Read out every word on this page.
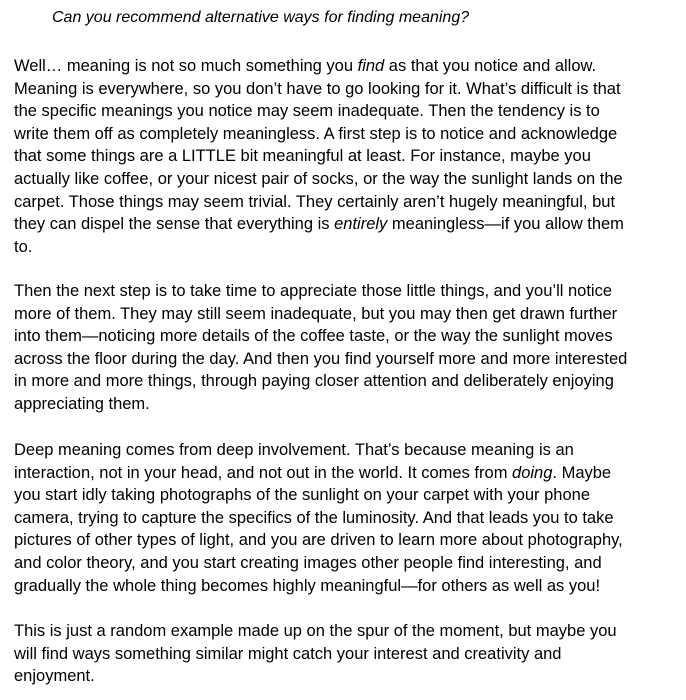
Can you recommend alternative ways for finding meaning?
Well… meaning is not so much something you find as that you notice and allow.
Meaning is everywhere, so you don’t have to go looking for it. What’s difficult is that
the specific meanings you notice may seem inadequate. Then the tendency is to
write them off as completely meaningless. A first step is to notice and acknowledge
that some things are a LITTLE bit meaningful at least. For instance, maybe you
actually like coffee, or your nicest pair of socks, or the way the sunlight lands on the
carpet. Those things may seem trivial. They certainly aren’t hugely meaningful, but
they can dispel the sense that everything is entirely meaningless—if you allow them
to.
Then the next step is to take time to appreciate those little things, and you’ll notice
more of them. They may still seem inadequate, but you may then get drawn further
into them—noticing more details of the coffee taste, or the way the sunlight moves
across the floor during the day. And then you find yourself more and more interested
in more and more things, through paying closer attention and deliberately enjoying
appreciating them.
Deep meaning comes from deep involvement. That’s because meaning is an
interaction, not in your head, and not out in the world. It comes from doing. Maybe
you start idly taking photographs of the sunlight on your carpet with your phone
camera, trying to capture the specifics of the luminosity. And that leads you to take
pictures of other types of light, and you are driven to learn more about photography,
and color theory, and you start creating images other people find interesting, and
gradually the whole thing becomes highly meaningful—for others as well as you!
This is just a random example made up on the spur of the moment, but maybe you
will find ways something similar might catch your interest and creativity and
enjoyment.
